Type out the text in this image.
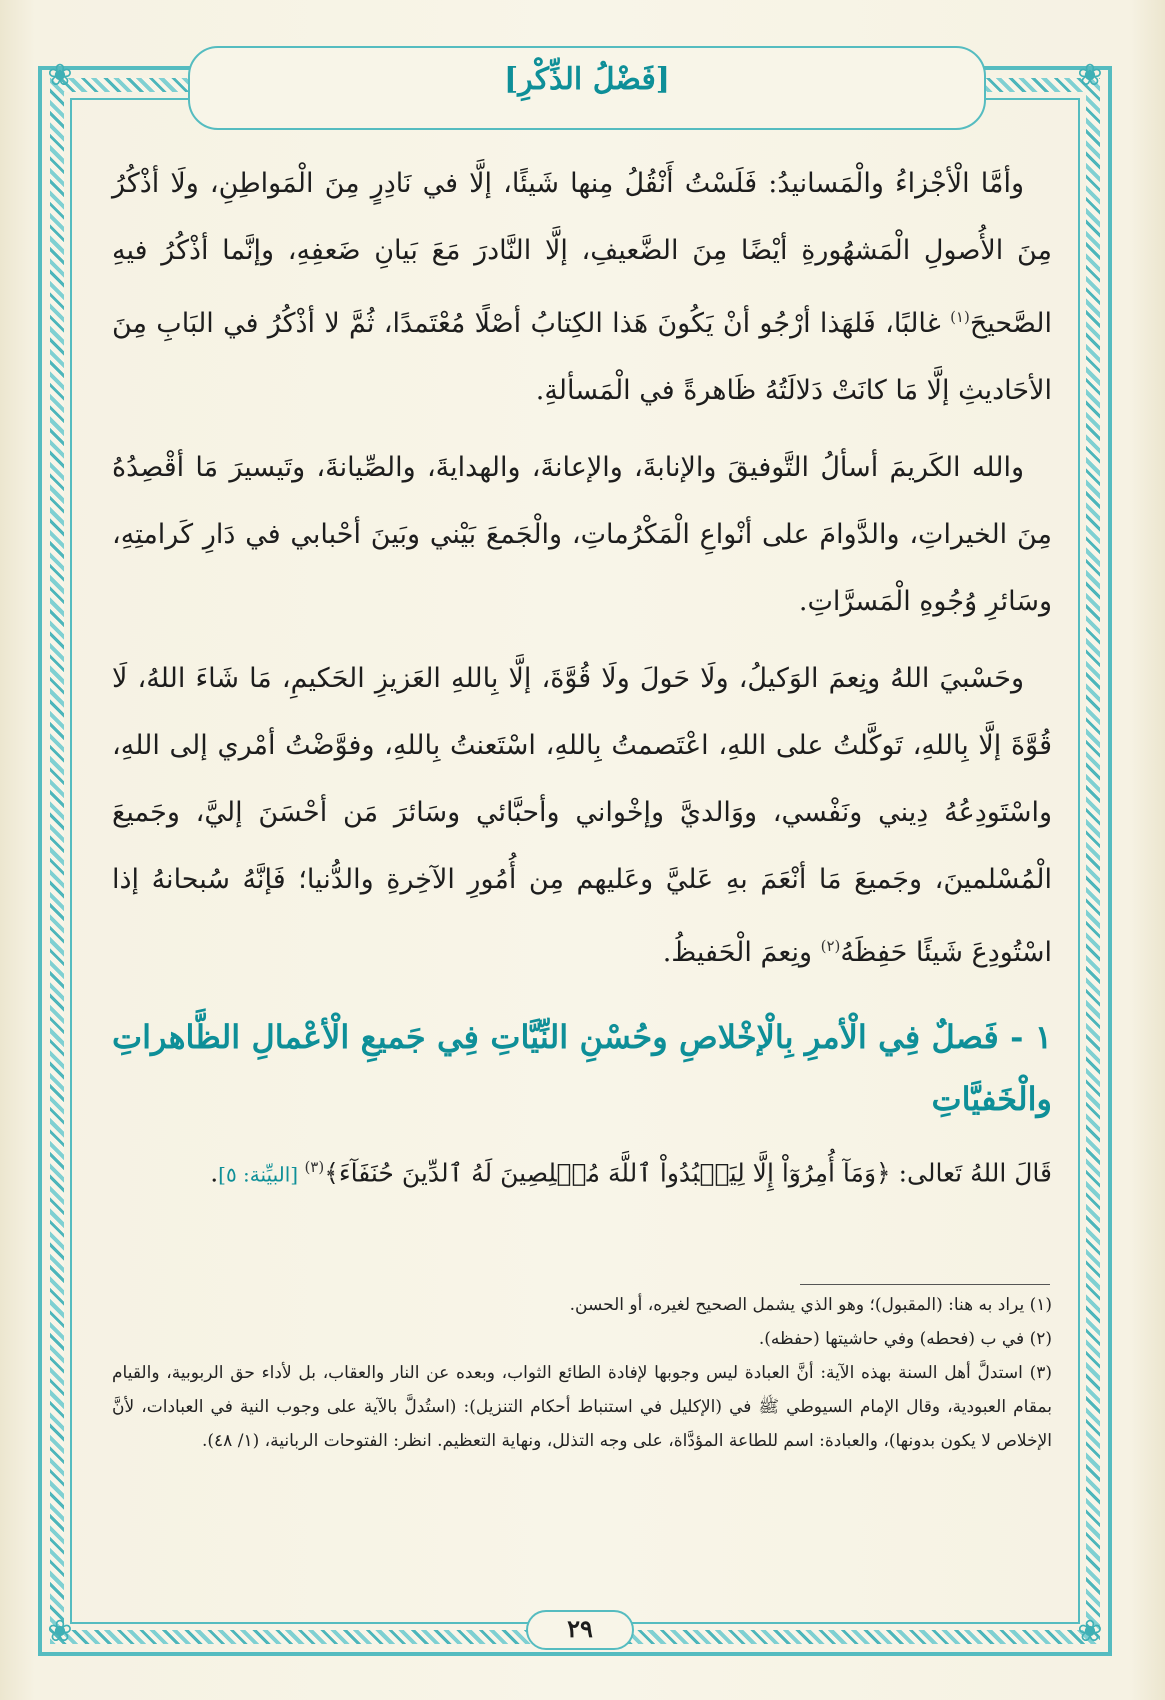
❀	❀
❀	❀
[فَضْلُ الذِّكْرِ]

وأمَّا الْأجْزاءُ والْمَسانيدُ: فَلَسْتُ أَنْقُلُ مِنها شَيئًا، إلَّا في نَادِرٍ مِنَ الْمَواطِنِ، ولَا أذْكُرُ مِنَ الأُصولِ الْمَشهُورةِ أيْضًا مِنَ الضَّعيفِ، إلَّا النَّادرَ مَعَ بَيانِ ضَعفِهِ، وإنَّما أذْكُرُ فيهِ الصَّحيحَ$^{(١)}$ غالبًا، فَلهَذا أرْجُو أنْ يَكُونَ هَذا الكِتابُ أصْلًا مُعْتَمدًا، ثُمَّ لا أذْكُرُ في البَابِ مِنَ الأحَاديثِ إلَّا مَا كانَتْ دَلالَتُهُ ظَاهرةً في الْمَسألةِ.

والله الكَريمَ أسألُ التَّوفيقَ والإنابةَ، والإعانةَ، والهدايةَ، والصِّيانةَ، وتَيسيرَ مَا أقْصِدُهُ مِنَ الخيراتِ، والدَّوامَ على أنْواعِ الْمَكْرُماتِ، والْجَمعَ بَيْني وبَينَ أحْبابي في دَارِ كَرامتِهِ، وسَائرِ وُجُوهِ الْمَسرَّاتِ.

وحَسْبيَ اللهُ ونِعمَ الوَكيلُ، ولَا حَولَ ولَا قُوَّةَ، إلَّا بِاللهِ العَزيزِ الحَكيمِ، مَا شَاءَ اللهُ، لَا قُوَّةَ إلَّا بِاللهِ، تَوكَّلتُ على اللهِ، اعْتَصمتُ بِاللهِ، اسْتَعنتُ بِاللهِ، وفوَّضْتُ أمْري إلى اللهِ، واسْتَودِعُهُ دِيني ونَفْسي، ووَالديَّ وإخْواني وأحبَّائي وسَائرَ مَن أحْسَنَ إليَّ، وجَميعَ الْمُسْلمينَ، وجَميعَ مَا أنْعَمَ بهِ عَليَّ وعَليهم مِن أُمُورِ الآخِرةِ والدُّنيا؛ فَإنَّهُ سُبحانهُ إذا اسْتُودِعَ شَيئًا حَفِظَهُ$^{(٢)}$ ونِعمَ الْحَفيظُ.

١ - فَصلٌ فِي الْأمرِ بِالْإخْلاصِ وحُسْنِ النِّيَّاتِ فِي جَميعِ الْأعْمالِ الظَّاهراتِ والْخَفيَّاتِ

قَالَ اللهُ تَعالى: ﴿وَمَآ أُمِرُوٓاْ إِلَّا لِيَعۡبُدُواْ ٱللَّهَ مُخۡلِصِينَ لَهُ ٱلدِّينَ حُنَفَآءَ﴾$^{(٣)}$ [البيِّنة: ٥].

(١) يراد به هنا: (المقبول)؛ وهو الذي يشمل الصحيح لغيره، أو الحسن.

(٢) في ب (فحطه) وفي حاشيتها (حفظه).

(٣) استدلَّ أهل السنة بهذه الآية: أنَّ العبادة ليس وجوبها لإفادة الطائع الثواب، وبعده عن النار والعقاب، بل لأداء حق الربوبية، والقيام بمقام العبودية، وقال الإمام السيوطي ﷺ في (الإكليل في استنباط أحكام التنزيل): (استُدلَّ بالآية على وجوب النية في العبادات، لأنَّ الإخلاص لا يكون بدونها)، والعبادة: اسم للطاعة المؤدَّاة، على وجه التذلل، ونهاية التعظيم. انظر: الفتوحات الربانية، (١/ ٤٨).

٢٩
